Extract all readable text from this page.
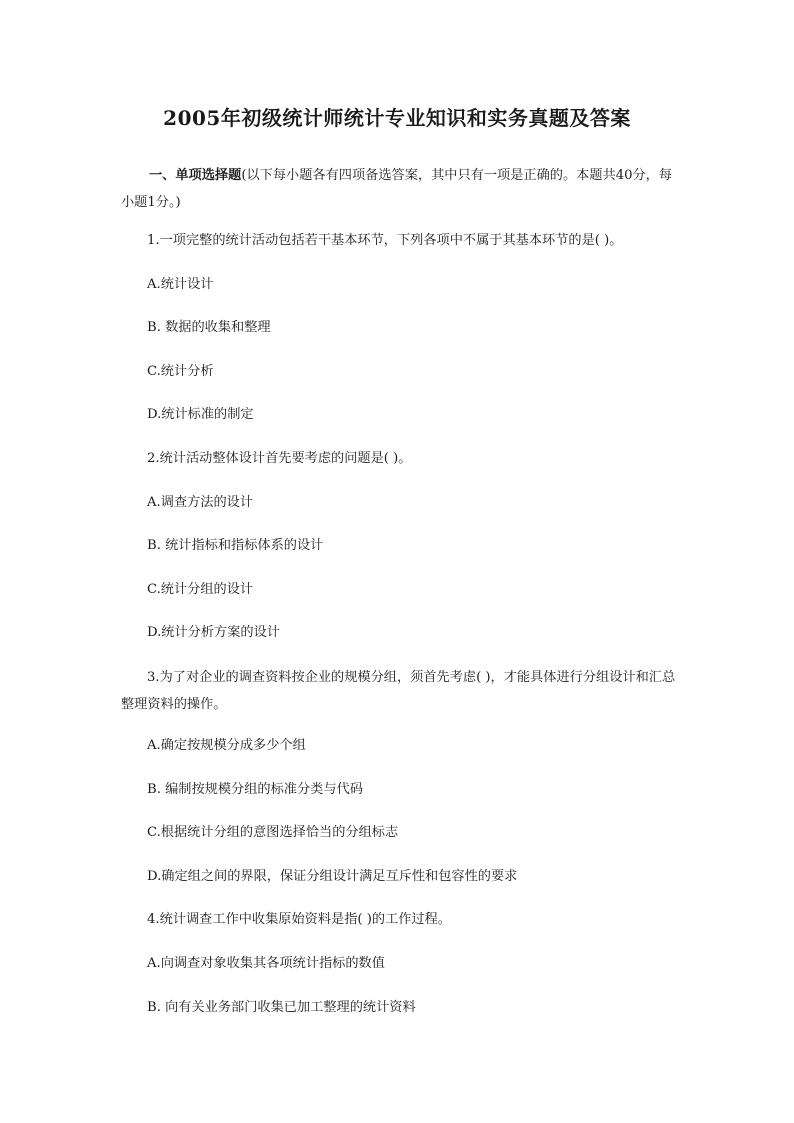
2005年初级统计师统计专业知识和实务真题及答案
一、单项选择题(以下每小题各有四项备选答案，其中只有一项是正确的。本题共40分，每小题1分。)
1.一项完整的统计活动包括若干基本环节，下列各项中不属于其基本环节的是( )。
A.统计设计
B. 数据的收集和整理
C.统计分析
D.统计标准的制定
2.统计活动整体设计首先要考虑的问题是( )。
A.调查方法的设计
B. 统计指标和指标体系的设计
C.统计分组的设计
D.统计分析方案的设计
3.为了对企业的调查资料按企业的规模分组，须首先考虑( )，才能具体进行分组设计和汇总整理资料的操作。
A.确定按规模分成多少个组
B. 编制按规模分组的标准分类与代码
C.根据统计分组的意图选择恰当的分组标志
D.确定组之间的界限，保证分组设计满足互斥性和包容性的要求
4.统计调查工作中收集原始资料是指( )的工作过程。
A.向调查对象收集其各项统计指标的数值
B. 向有关业务部门收集已加工整理的统计资料
